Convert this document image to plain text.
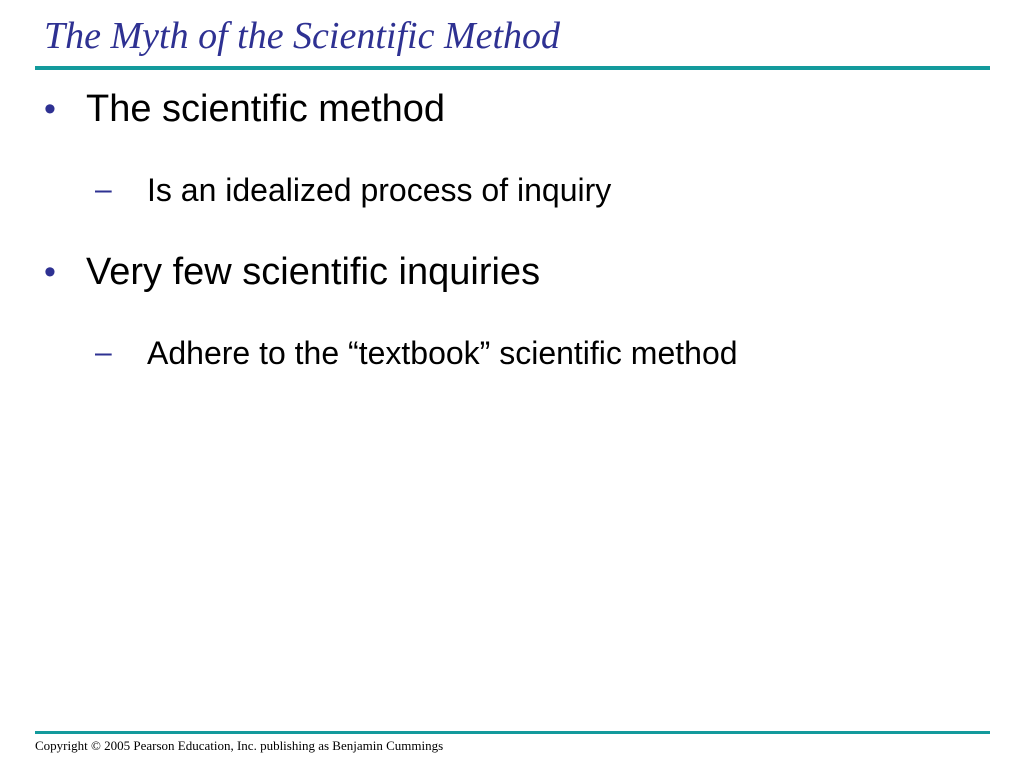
The Myth of the Scientific Method
• The scientific method
– Is an idealized process of inquiry
• Very few scientific inquiries
– Adhere to the “textbook” scientific method
Copyright © 2005 Pearson Education, Inc. publishing as Benjamin Cummings
